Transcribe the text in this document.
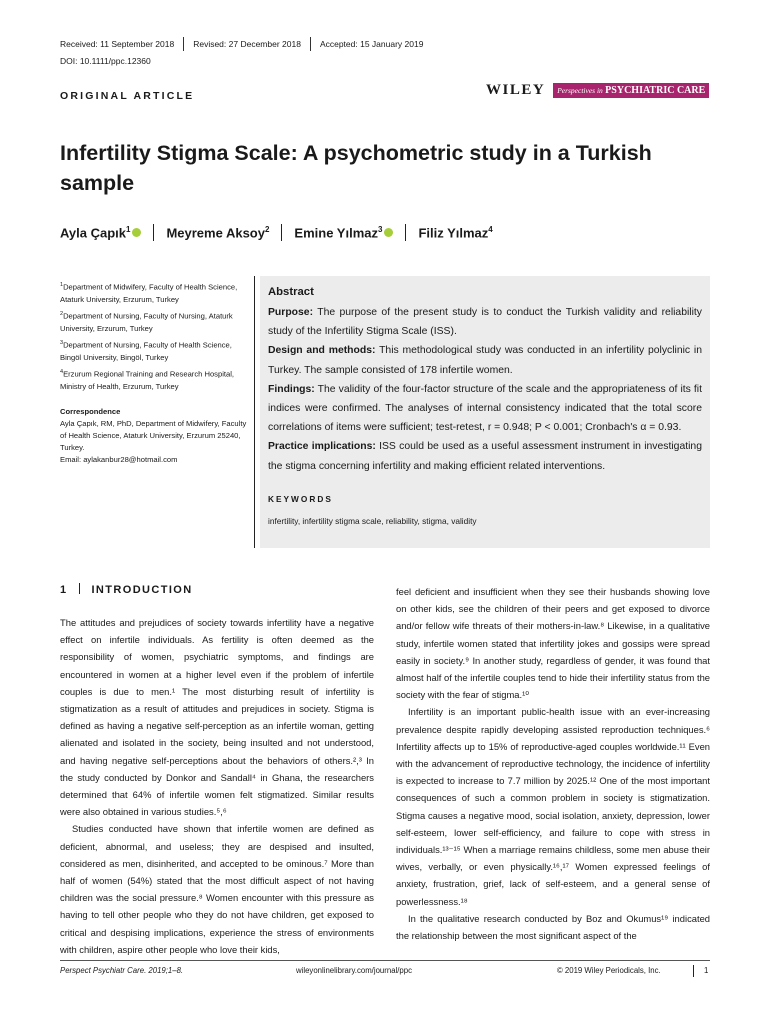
Received: 11 September 2018 Revised: 27 December 2018 Accepted: 15 January 2019
DOI: 10.1111/ppc.12360
ORIGINAL ARTICLE	WILEY	Perspectives in PSYCHIATRIC CARE
Infertility Stigma Scale: A psychometric study in a Turkish sample
Ayla Çapık$^1$	Meyreme Aksoy$^2$ Emine Yılmaz$^3$	Filiz Yılmaz$^4$
$^1$Department of Midwifery, Faculty of Health Science, Ataturk University, Erzurum, Turkey
$^2$Department of Nursing, Faculty of Nursing, Ataturk University, Erzurum, Turkey
$^3$Department of Nursing, Faculty of Health Science, Bingöl University, Bingöl, Turkey
$^4$Erzurum Regional Training and Research Hospital, Ministry of Health, Erzurum, Turkey
Correspondence
Ayla Çapık, RM, PhD, Department of Midwifery, Faculty of Health Science, Ataturk University, Erzurum 25240, Turkey.
Email: aylakanbur28@hotmail.com
Abstract

Purpose: The purpose of the present study is to conduct the Turkish validity and reliability study of the Infertility Stigma Scale (ISS).

Design and methods: This methodological study was conducted in an infertility polyclinic in Turkey. The sample consisted of 178 infertile women.

Findings: The validity of the four-factor structure of the scale and the appropriateness of its fit indices were confirmed. The analyses of internal consistency indicated that the total score correlations of items were sufficient; test-retest, r = 0.948; P < 0.001; Cronbach's α = 0.93.

Practice implications: ISS could be used as a useful assessment instrument in investigating the stigma concerning infertility and making efficient related interventions.

KEYWORDS
infertility, infertility stigma scale, reliability, stigma, validity
1 INTRODUCTION

The attitudes and prejudices of society towards infertility have a negative effect on infertile individuals. As fertility is often deemed as the responsibility of women, psychiatric symptoms, and findings are encountered in women at a higher level even if the problem of infertile couples is due to men.¹ The most disturbing result of infertility is stigmatization as a result of attitudes and prejudices in society. Stigma is defined as having a negative self-perception as an infertile woman, getting alienated and isolated in the society, being insulted and not understood, and having negative self-perceptions about the behaviors of others.²,³ In the study conducted by Donkor and Sandall⁴ in Ghana, the researchers determined that 64% of infertile women felt stigmatized. Similar results were also obtained in various studies.⁵,⁶

Studies conducted have shown that infertile women are defined as deficient, abnormal, and useless; they are despised and insulted, considered as men, disinherited, and accepted to be ominous.⁷ More than half of women (54%) stated that the most difficult aspect of not having children was the social pressure.⁸ Women encounter with this pressure as having to tell other people who they do not have children, get exposed to critical and despising implications, experience the stress of environments with children, aspire other people who love their kids,

feel deficient and insufficient when they see their husbands showing love on other kids, see the children of their peers and get exposed to divorce and/or fellow wife threats of their mothers-in-law.⁸ Likewise, in a qualitative study, infertile women stated that infertility jokes and gossips were spread easily in society.⁹ In another study, regardless of gender, it was found that almost half of the infertile couples tend to hide their infertility status from the society with the fear of stigma.¹⁰

Infertility is an important public-health issue with an ever-increasing prevalence despite rapidly developing assisted reproduction techniques.⁶ Infertility affects up to 15% of reproductive-aged couples worldwide.¹¹ Even with the advancement of reproductive technology, the incidence of infertility is expected to increase to 7.7 million by 2025.¹² One of the most important consequences of such a common problem in society is stigmatization. Stigma causes a negative mood, social isolation, anxiety, depression, lower self-esteem, lower self-efficiency, and failure to cope with stress in individuals.¹³⁻¹⁵ When a marriage remains childless, some men abuse their wives, verbally, or even physically.¹⁶,¹⁷ Women expressed feelings of anxiety, frustration, grief, lack of self-esteem, and a general sense of powerlessness.¹⁸

In the qualitative research conducted by Boz and Okumus¹⁹ indicated the relationship between the most significant aspect of the

Perspect Psychiatr Care. 2019;1–8.	wileyonlinelibrary.com/journal/ppc	© 2019 Wiley Periodicals, Inc.	1
